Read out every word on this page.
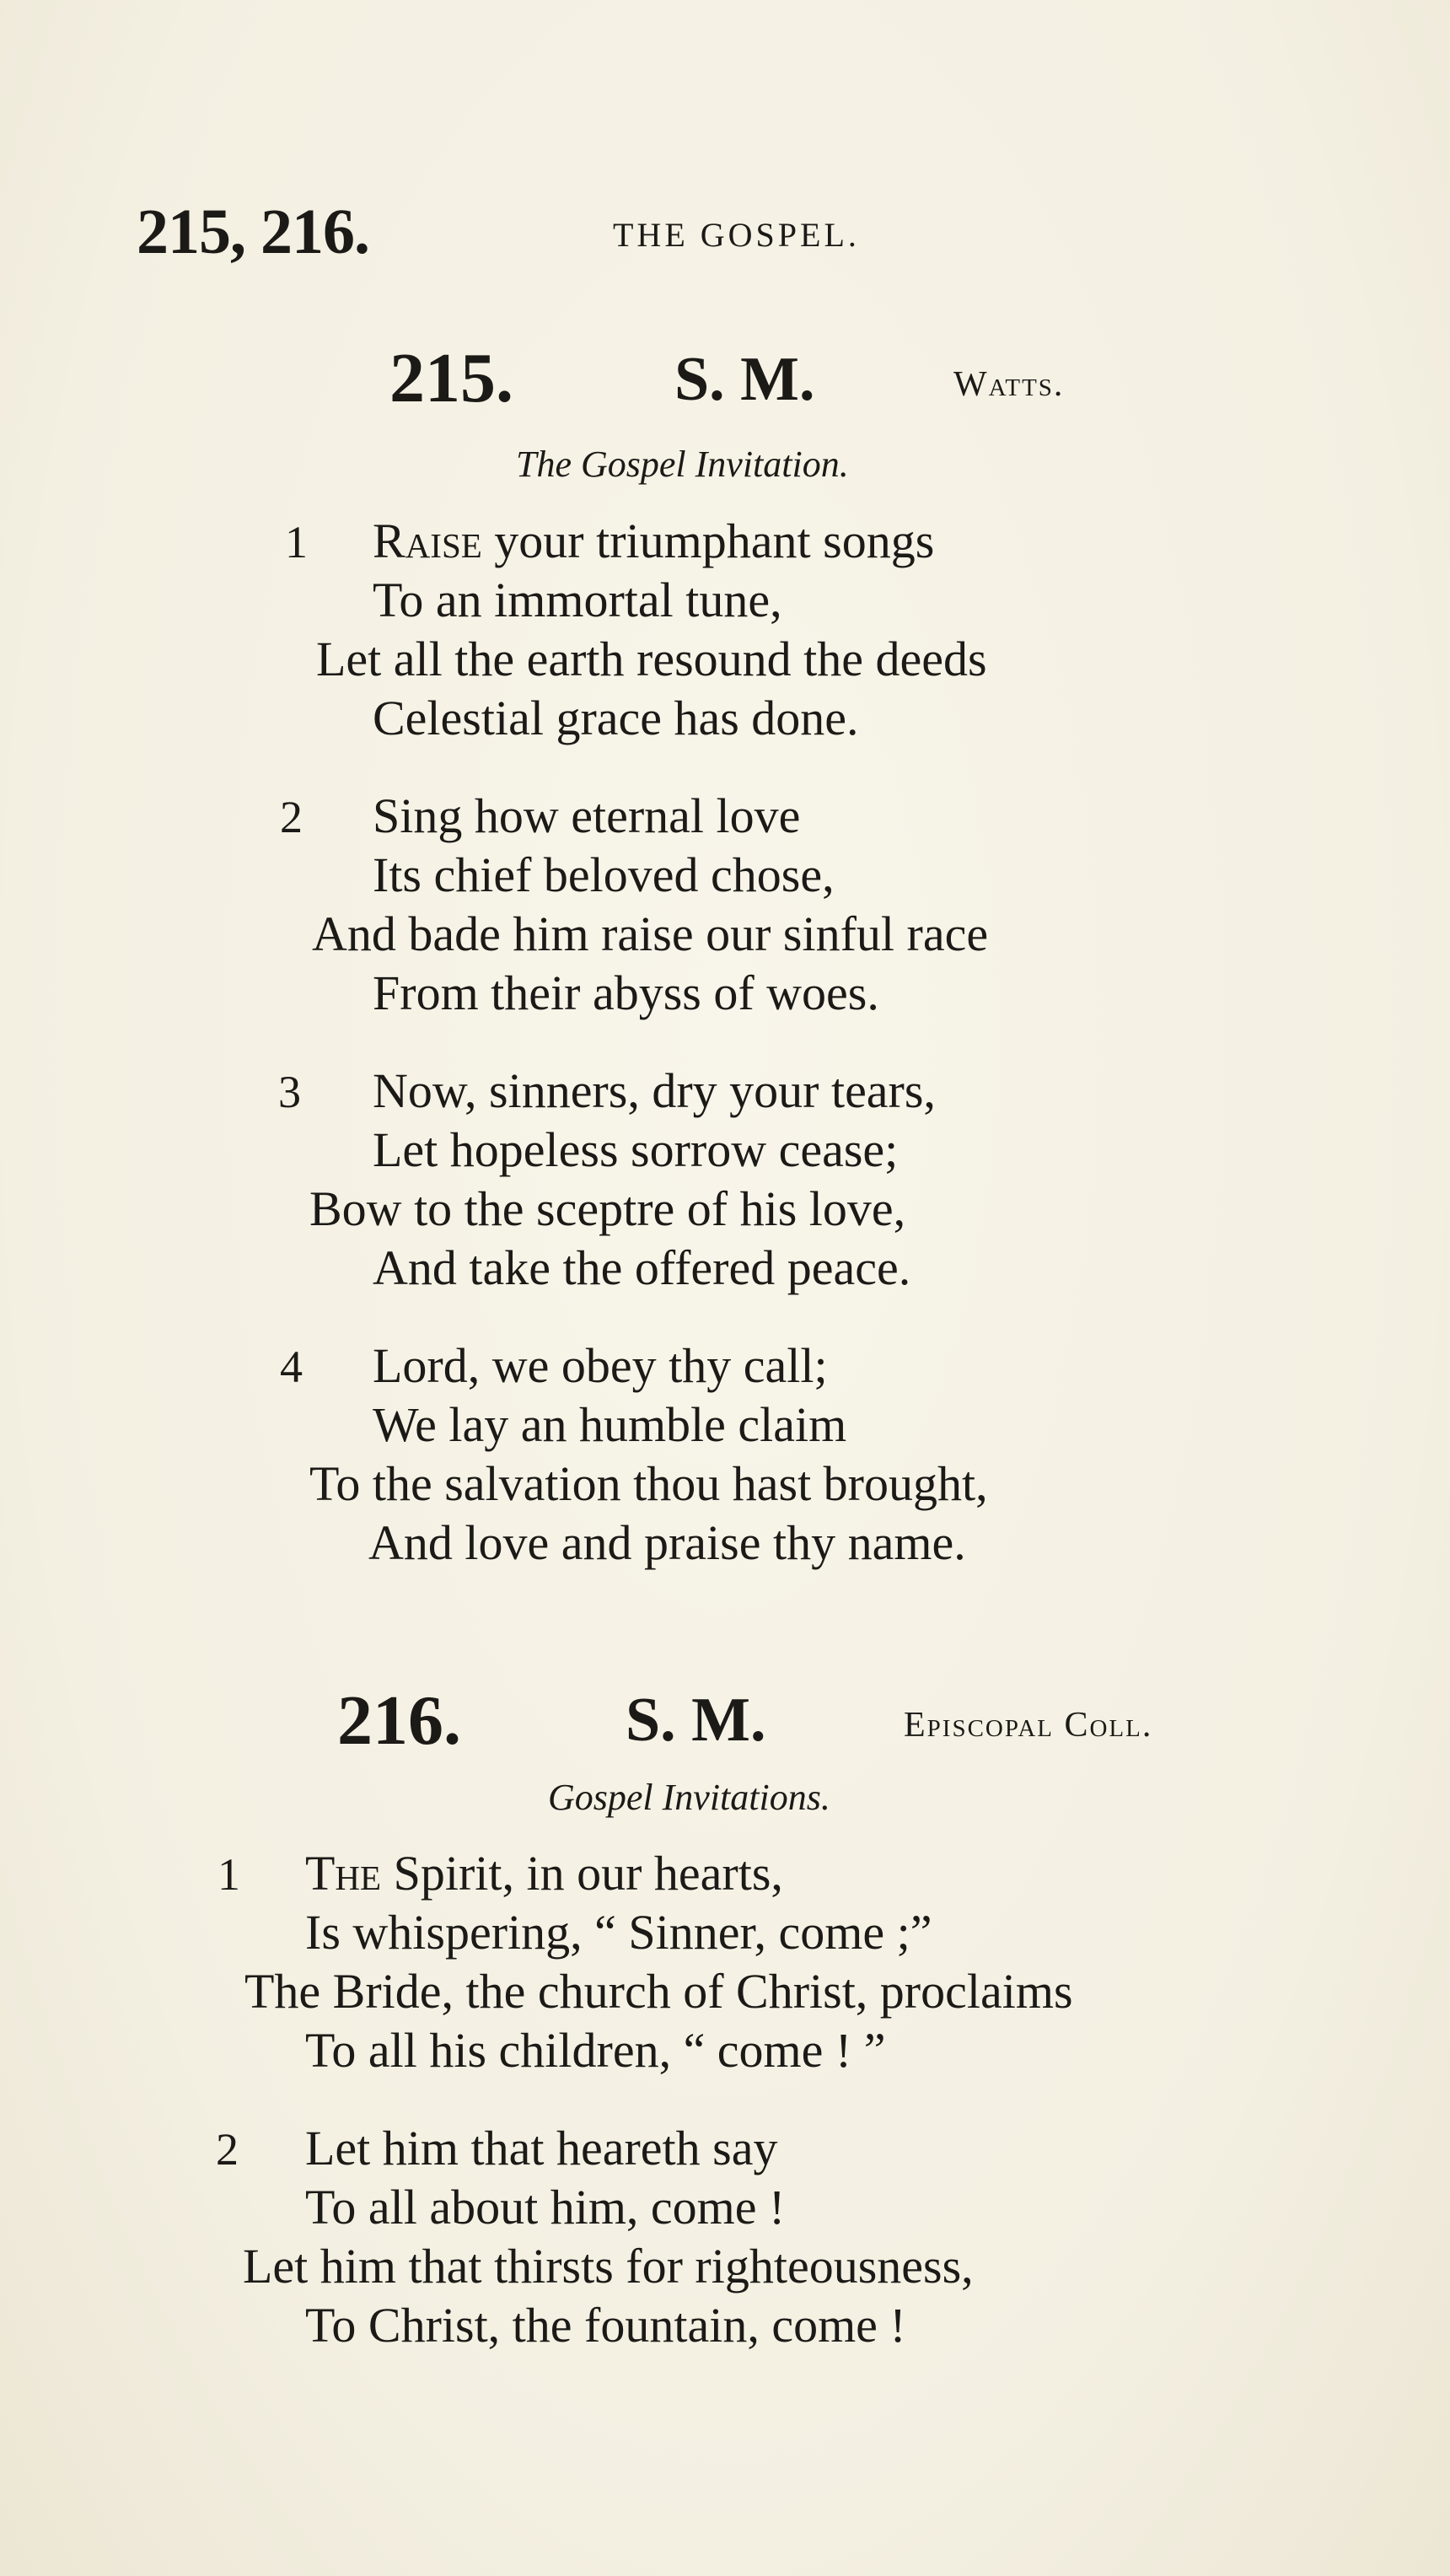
215, 216.	THE GOSPEL.
215.	S. M.	Watts.
The Gospel Invitation.
1 Raise your triumphant songs
To an immortal tune,
Let all the earth resound the deeds
Celestial grace has done.
2 Sing how eternal love
Its chief beloved chose,
And bade him raise our sinful race
From their abyss of woes.
3 Now, sinners, dry your tears,
Let hopeless sorrow cease;
Bow to the sceptre of his love,
And take the offered peace.
4 Lord, we obey thy call;
We lay an humble claim
To the salvation thou hast brought,
And love and praise thy name.
216.	S. M.	Episcopal Coll.
Gospel Invitations.
1 The Spirit, in our hearts,
Is whispering, “ Sinner, come ;”
The Bride, the church of Christ, proclaims
To all his children, “ come ! ”
2 Let him that heareth say
To all about him, come !
Let him that thirsts for righteousness,
To Christ, the fountain, come !
